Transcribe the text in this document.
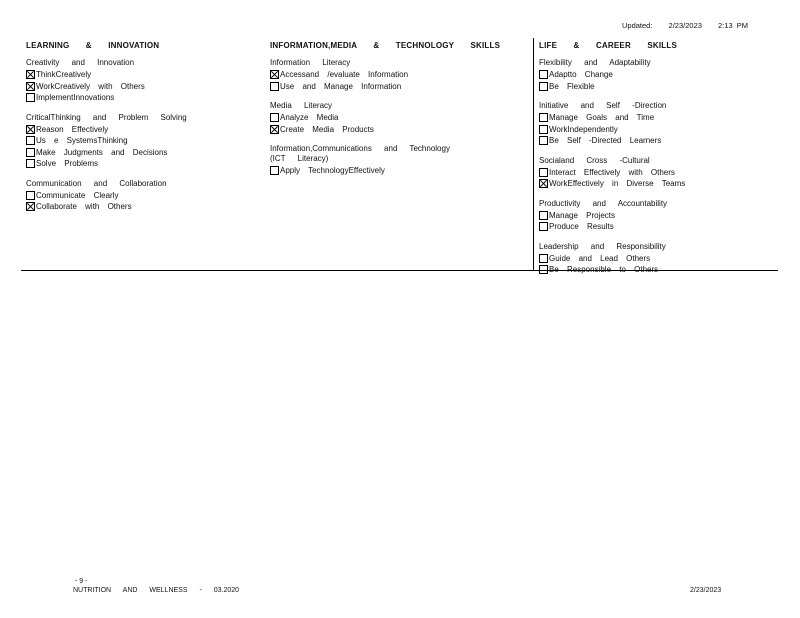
Updated: 2/23/2023 2:13 PM
LEARNING & INNOVATION
Creativity and Innovation
ThinkCreatively
WorkCreatively with Others
ImplementInnovations
CriticalThinking and Problem Solving
Reason Effectively
Us e SystemsThinking
Make Judgments and Decisions
Solve Problems
Communication and Collaboration
Communicate Clearly
Collaborate with Others
INFORMATION,MEDIA & TECHNOLOGY SKILLS
Information Literacy
Accessand /evaluate Information
Use and Manage Information
Media Literacy
Analyze Media
Create Media Products
Information,Communications and Technology
(ICT Literacy)
Apply TechnologyEffectively
LIFE & CAREER SKILLS
Flexibility and Adaptability
Adaptto Change
Be Flexible
Initiative and Self -Direction
Manage Goals and Time
WorkIndependently
Be Self -Directed Learners
Socialand Cross -Cultural
Interact Effectively with Others
WorkEffectively in Diverse Teams
Productivity and Accountability
Manage Projects
Produce Results
Leadership and Responsibility
Guide and Lead Others
Be Responsible to Others
- 9 -
NUTRITION AND WELLNESS - 03.2020	2/23/2023
